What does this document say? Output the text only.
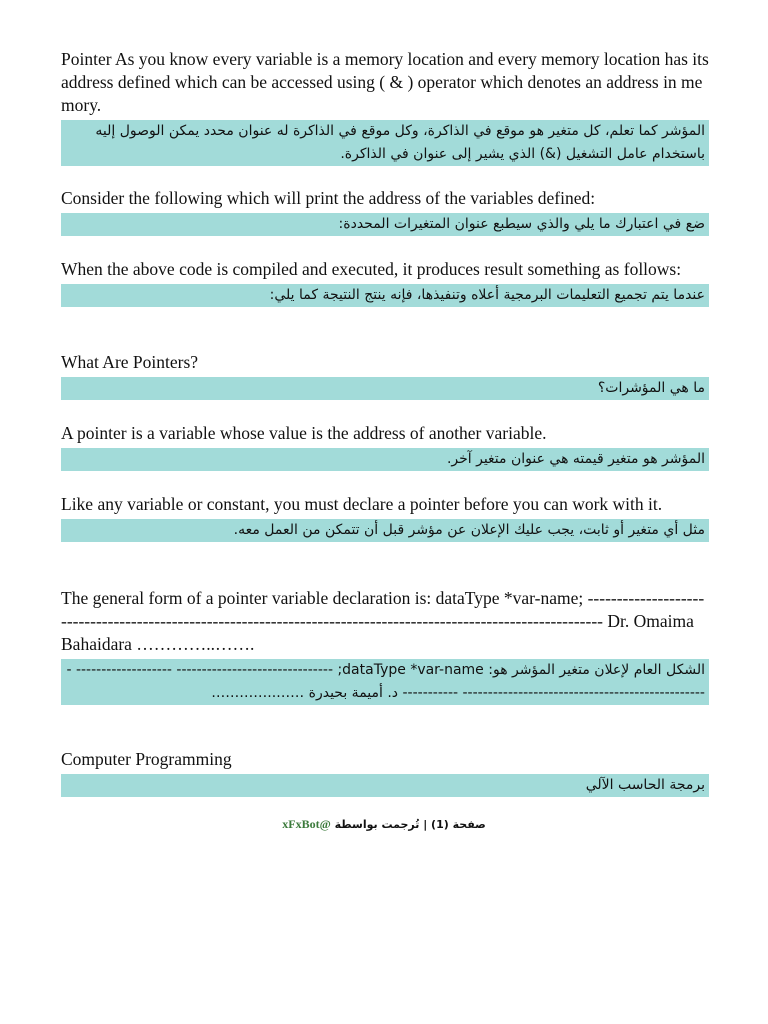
Pointer As you know every variable is a memory location and every memory location has its address defined which can be accessed using ( & ) operator which denotes an address in memory.

المؤشر كما تعلم، كل متغير هو موقع في الذاكرة، وكل موقع في الذاكرة له عنوان محدد يمكن الوصول إليه باستخدام عامل التشغيل (&) الذي يشير إلى عنوان في الذاكرة.

Consider the following which will print the address of the variables defined:

ضع في اعتبارك ما يلي والذي سيطبع عنوان المتغيرات المحددة:

When the above code is compiled and executed, it produces result something as follows:

عندما يتم تجميع التعليمات البرمجية أعلاه وتنفيذها، فإنه ينتج النتيجة كما يلي:

What Are Pointers?

ما هي المؤشرات؟

A pointer is a variable whose value is the address of another variable.

المؤشر هو متغير قيمته هي عنوان متغير آخر.

Like any variable or constant, you must declare a pointer before you can work with it.

مثل أي متغير أو ثابت، يجب عليك الإعلان عن مؤشر قبل أن تتمكن من العمل معه.

The general form of a pointer variable declaration is: dataType *var-name; ----------------------------------------------------------------------------------------------------------------- Dr. Omaima Bahaidara …………..…….

الشكل العام لإعلان متغير المؤشر هو: dataType *var-name; ------------------------------- ------------------- ------------------------------------------------- ----------- د. أميمة بحيدرة ……..…………

Computer Programming

برمجة الحاسب الآلي

صفحة (1) | تُرجمت بواسطة @xFxBot
